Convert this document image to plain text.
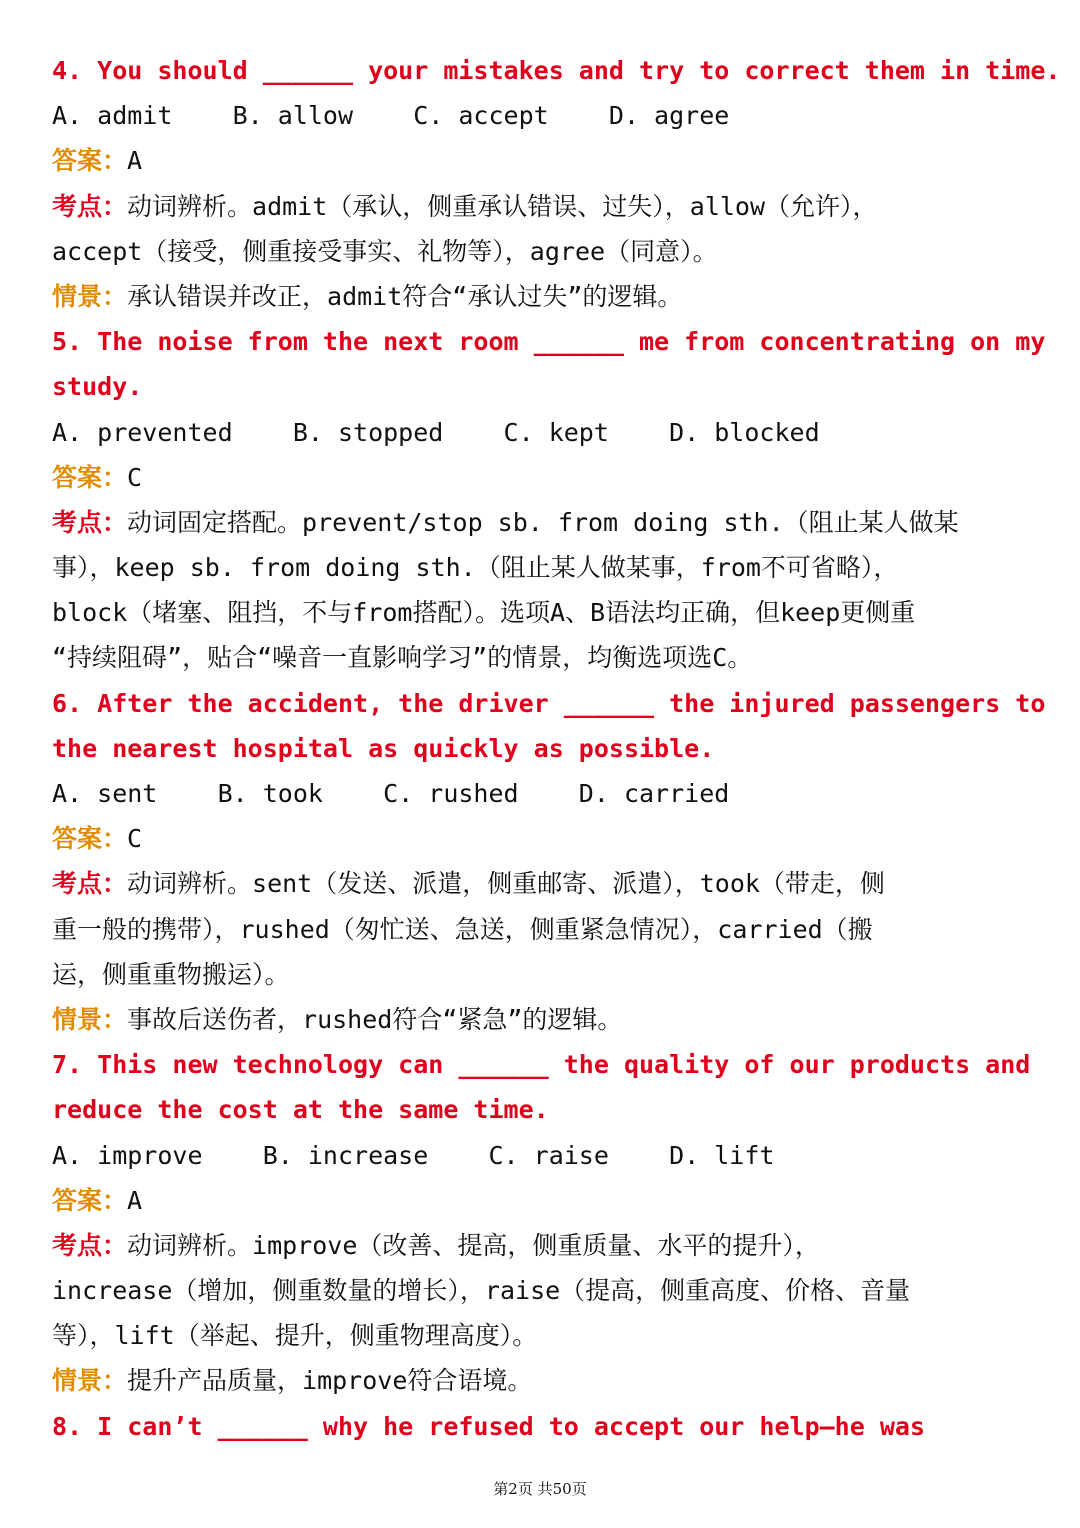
4. You should ______ your mistakes and try to correct them in time.
A. admit    B. allow    C. accept    D. agree
答案：A
考点：动词辨析。admit（承认，侧重承认错误、过失），allow（允许），
accept（接受，侧重接受事实、礼物等），agree（同意）。
情景：承认错误并改正，admit符合“承认过失”的逻辑。
5. The noise from the next room ______ me from concentrating on my
study.
A. prevented    B. stopped    C. kept    D. blocked
答案：C
考点：动词固定搭配。prevent/stop sb. from doing sth.（阻止某人做某
事），keep sb. from doing sth.（阻止某人做某事，from不可省略），
block（堵塞、阻挡，不与from搭配）。选项A、B语法均正确，但keep更侧重
“持续阻碍”，贴合“噪音一直影响学习”的情景，均衡选项选C。
6. After the accident, the driver ______ the injured passengers to
the nearest hospital as quickly as possible.
A. sent    B. took    C. rushed    D. carried
答案：C
考点：动词辨析。sent（发送、派遣，侧重邮寄、派遣），took（带走，侧
重一般的携带），rushed（匆忙送、急送，侧重紧急情况），carried（搬
运，侧重重物搬运）。
情景：事故后送伤者，rushed符合“紧急”的逻辑。
7. This new technology can ______ the quality of our products and
reduce the cost at the same time.
A. improve    B. increase    C. raise    D. lift
答案：A
考点：动词辨析。improve（改善、提高，侧重质量、水平的提升），
increase（增加，侧重数量的增长），raise（提高，侧重高度、价格、音量
等），lift（举起、提升，侧重物理高度）。
情景：提升产品质量，improve符合语境。
8. I can’t ______ why he refused to accept our help—he was
第2页 共50页
